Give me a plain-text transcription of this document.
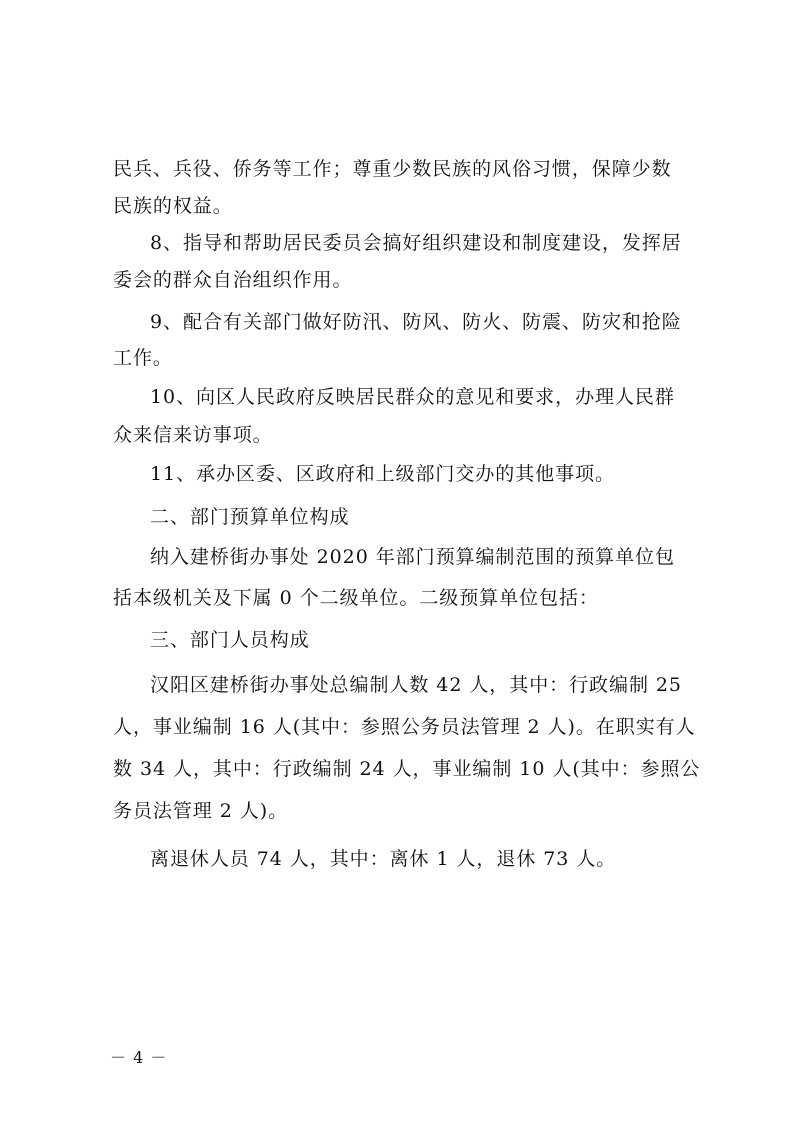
民兵、兵役、侨务等工作；尊重少数民族的风俗习惯，保障少数
民族的权益。
8、指导和帮助居民委员会搞好组织建设和制度建设，发挥居
委会的群众自治组织作用。
9、配合有关部门做好防汛、防风、防火、防震、防灾和抢险
工作。
10、向区人民政府反映居民群众的意见和要求，办理人民群
众来信来访事项。
11、承办区委、区政府和上级部门交办的其他事项。
二、部门预算单位构成
纳入建桥街办事处 2020 年部门预算编制范围的预算单位包
括本级机关及下属 0 个二级单位。二级预算单位包括：
三、部门人员构成
汉阳区建桥街办事处总编制人数 42 人，其中：行政编制 25
人，事业编制 16 人(其中：参照公务员法管理 2 人)。在职实有人
数 34 人，其中：行政编制 24 人，事业编制 10 人(其中：参照公
务员法管理 2 人)。
离退休人员 74 人，其中：离休 1 人，退休 73 人。
－ 4 －
